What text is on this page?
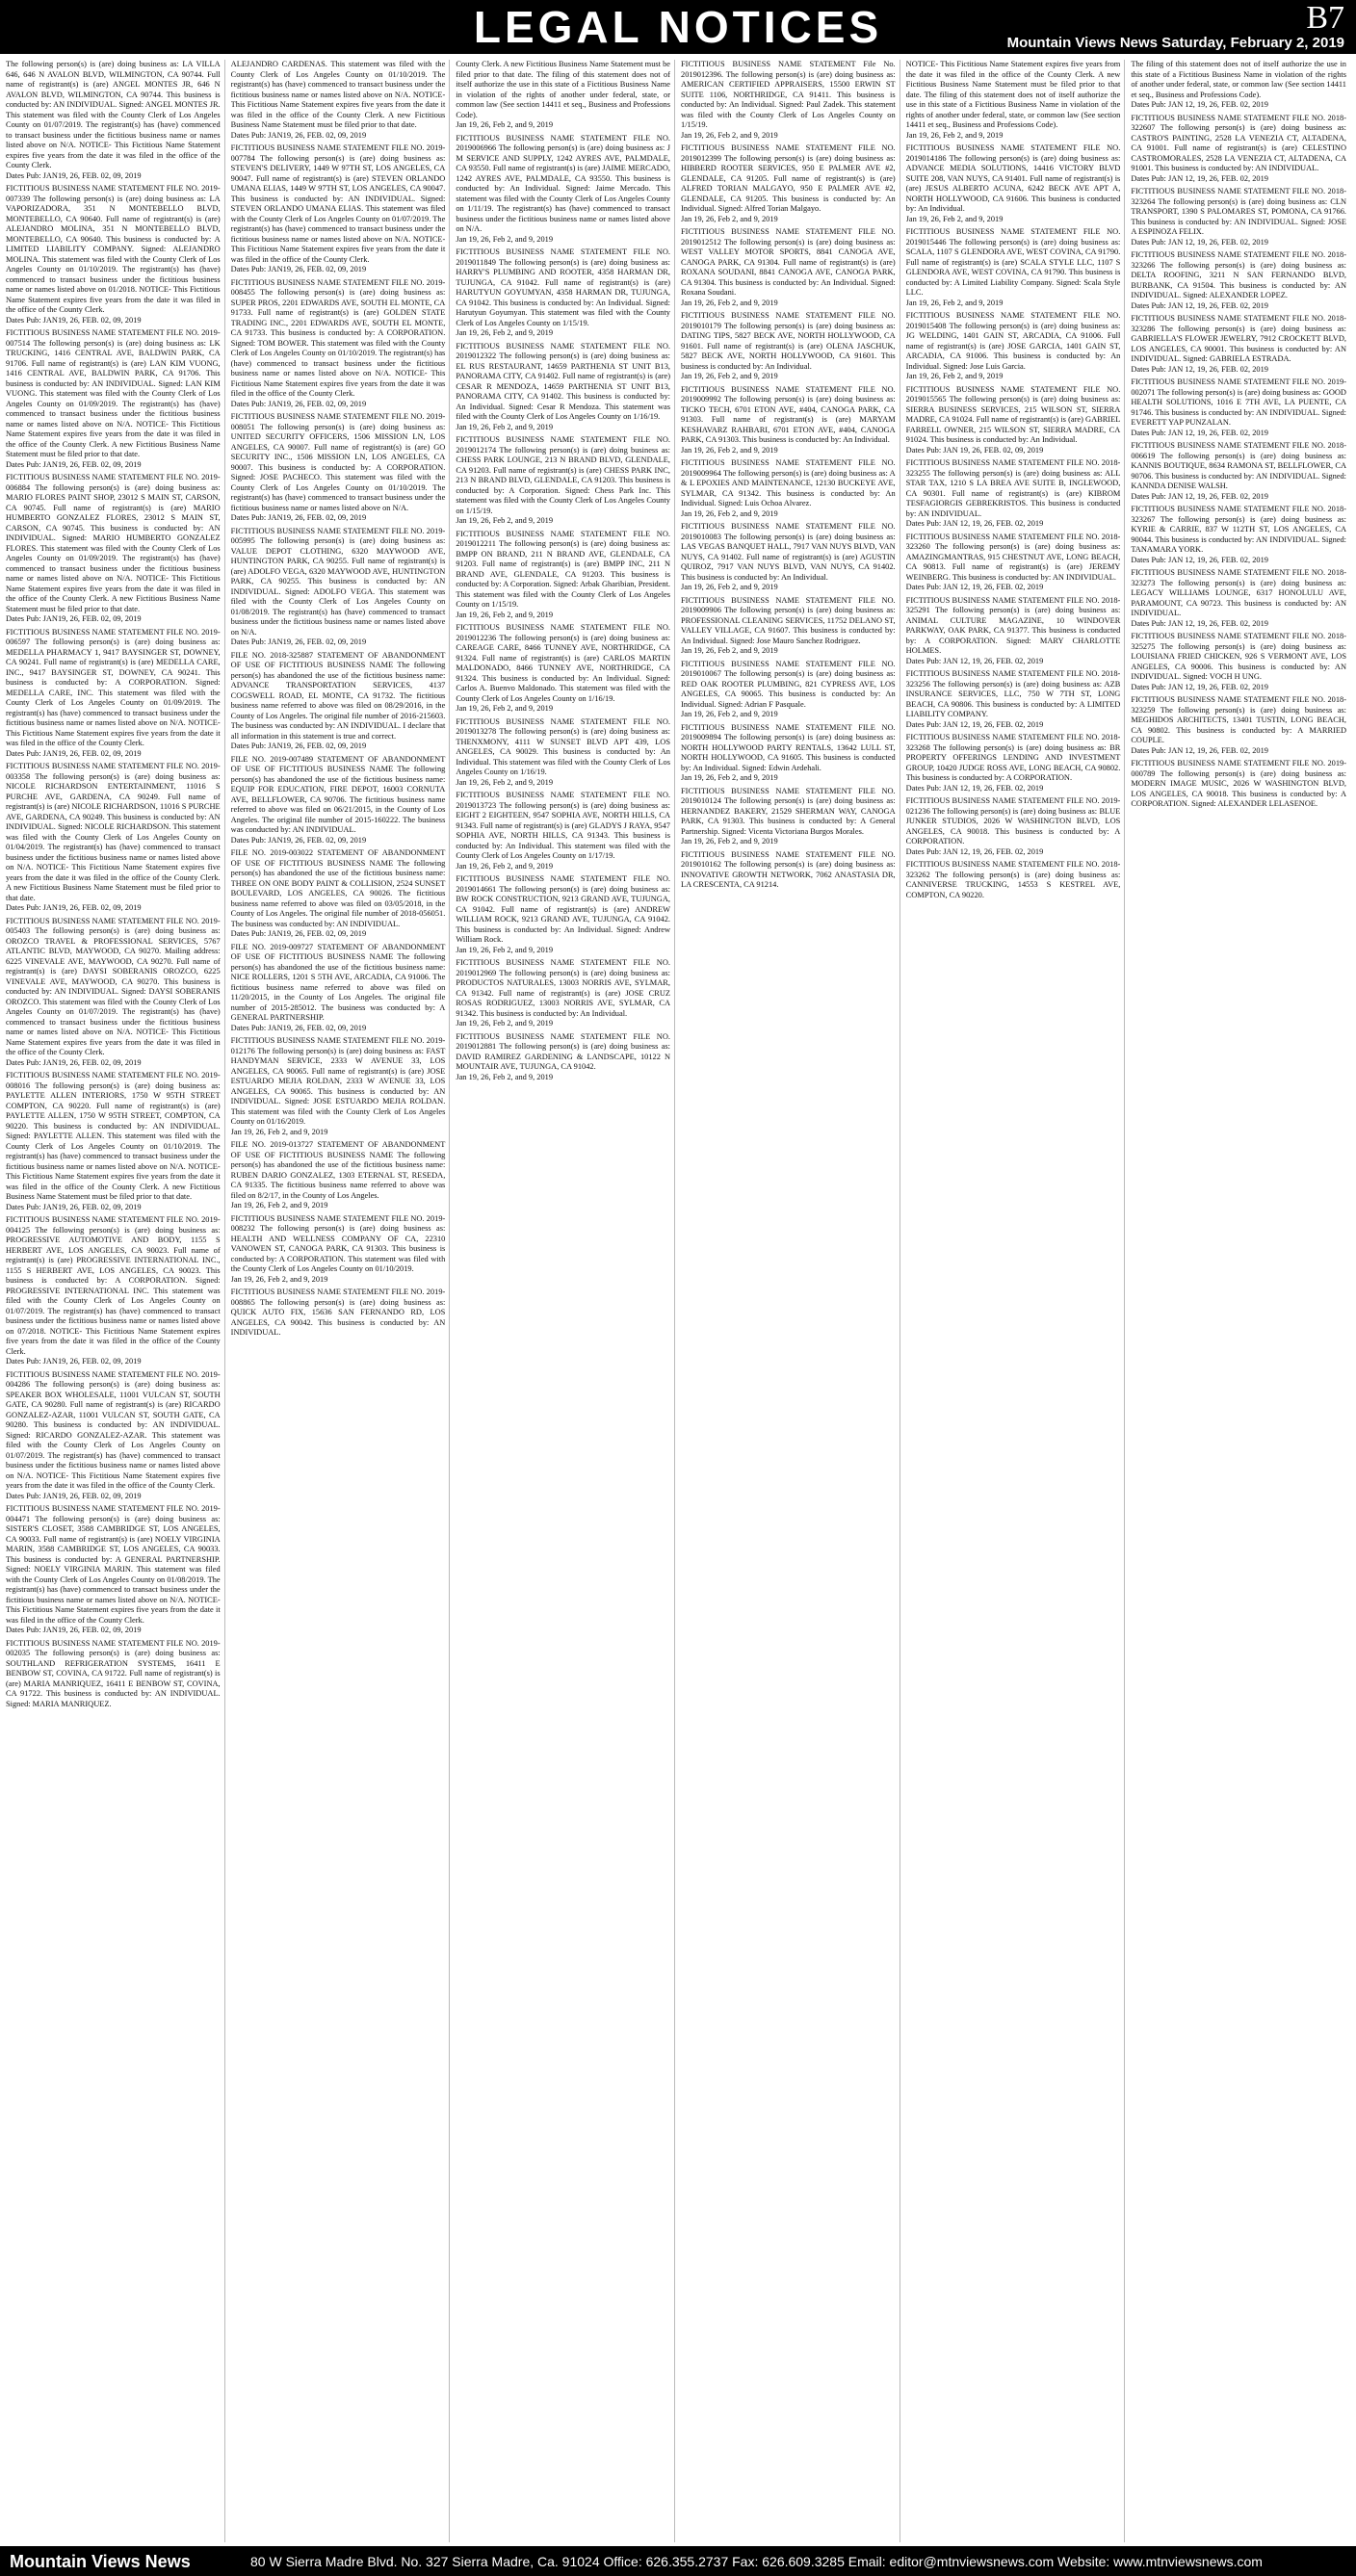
LEGAL NOTICES	B7
Mountain Views News Saturday, February 2, 2019
The following person(s) is (are) doing business as: LA VILLA 646, 646 N AVALON BLVD, WILMINGTON, CA 90744. Full name of registrant(s) is (are) ANGEL MONTES JR, 646 N AVALON BLVD, WILMINGTON, CA 90744. This business is conducted by: AN INDIVIDUAL. Signed: ANGEL MONTES JR. This statement was filed with the County Clerk of Los Angeles County on 01/07/2019. The registrant(s) has (have) commenced to transact business under the fictitious business name or names listed above on N/A. NOTICE- This Fictitious Name Statement expires five years from the date it was filed in the office of the County Clerk.
Dates Pub: JAN19, 26, FEB. 02, 09, 2019
FICTITIOUS BUSINESS NAME STATEMENT FILE NO. 2019-007339 The following person(s) is (are) doing business as: LA VAPORIZADORA, 351 N MONTEBELLO BLVD, MONTEBELLO, CA 90640. Full name of registrant(s) is (are) ALEJANDRO MOLINA, 351 N MONTEBELLO BLVD, MONTEBELLO, CA 90640. This business is conducted by: A LIMITED LIABILITY COMPANY. Signed: ALEJANDRO MOLINA. This statement was filed with the County Clerk of Los Angeles County on 01/10/2019. The registrant(s) has (have) commenced to transact business under the fictitious business name or names listed above on 01/2018. NOTICE- This Fictitious Name Statement expires five years from the date it was filed in the office of the County Clerk.
Dates Pub: JAN19, 26, FEB. 02, 09, 2019
FICTITIOUS BUSINESS NAME STATEMENT FILE NO. 2019-007514 The following person(s) is (are) doing business as: LK TRUCKING, 1416 CENTRAL AVE, BALDWIN PARK, CA 91706. Full name of registrant(s) is (are) LAN KIM VUONG, 1416 CENTRAL AVE, BALDWIN PARK, CA 91706. This business is conducted by: AN INDIVIDUAL. Signed: LAN KIM VUONG. This statement was filed with the County Clerk of Los Angeles County on 01/09/2019. The registrant(s) has (have) commenced to transact business under the fictitious business name or names listed above on N/A. NOTICE- This Fictitious Name Statement expires five years from the date it was filed in the office of the County Clerk. A new Fictitious Business Name Statement must be filed prior to that date.
Dates Pub: JAN19, 26, FEB. 02, 09, 2019
FICTITIOUS BUSINESS NAME STATEMENT FILE NO. 2019-006884 The following person(s) is (are) doing business as: MARIO FLORES PAINT SHOP, 23012 S MAIN ST, CARSON, CA 90745. Full name of registrant(s) is (are) MARIO HUMBERTO GONZALEZ FLORES, 23012 S MAIN ST, CARSON, CA 90745. This business is conducted by: AN INDIVIDUAL. Signed: MARIO HUMBERTO GONZALEZ FLORES. This statement was filed with the County Clerk of Los Angeles County on 01/09/2019. The registrant(s) has (have) commenced to transact business under the fictitious business name or names listed above on N/A. NOTICE- This Fictitious Name Statement expires five years from the date it was filed in the office of the County Clerk. A new Fictitious Business Name Statement must be filed prior to that date.
Dates Pub: JAN19, 26, FEB. 02, 09, 2019
FICTITIOUS BUSINESS NAME STATEMENT FILE NO. 2019-006597 The following person(s) is (are) doing business as: MEDELLA PHARMACY 1, 9417 BAYSINGER ST, DOWNEY, CA 90241. Full name of registrant(s) is (are) MEDELLA CARE, INC., 9417 BAYSINGER ST, DOWNEY, CA 90241. This business is conducted by: A CORPORATION. Signed: MEDELLA CARE, INC. This statement was filed with the County Clerk of Los Angeles County on 01/09/2019. The registrant(s) has (have) commenced to transact business under the fictitious business name or names listed above on N/A. NOTICE- This Fictitious Name Statement expires five years from the date it was filed in the office of the County Clerk.
Dates Pub: JAN19, 26, FEB. 02, 09, 2019
FICTITIOUS BUSINESS NAME STATEMENT FILE NO. 2019-003358 The following person(s) is (are) doing business as: NICOLE RICHARDSON ENTERTAINMENT, 11016 S PURCHE AVE, GARDENA, CA 90249. Full name of registrant(s) is (are) NICOLE RICHARDSON, 11016 S PURCHE AVE, GARDENA, CA 90249. This business is conducted by: AN INDIVIDUAL. Signed: NICOLE RICHARDSON. This statement was filed with the County Clerk of Los Angeles County on 01/04/2019. The registrant(s) has (have) commenced to transact business under the fictitious business name or names listed above on N/A. NOTICE- This Fictitious Name Statement expires five years from the date it was filed in the office of the County Clerk. A new Fictitious Business Name Statement must be filed prior to that date.
Dates Pub: JAN19, 26, FEB. 02, 09, 2019
FICTITIOUS BUSINESS NAME STATEMENT FILE NO. 2019-005403 The following person(s) is (are) doing business as: OROZCO TRAVEL & PROFESSIONAL SERVICES, 5767 ATLANTIC BLVD, MAYWOOD, CA 90270. Mailing address: 6225 VINEVALE AVE, MAYWOOD, CA 90270. Full name of registrant(s) is (are) DAYSI SOBERANIS OROZCO, 6225 VINEVALE AVE, MAYWOOD, CA 90270. This business is conducted by: AN INDIVIDUAL. Signed: DAYSI SOBERANIS OROZCO. This statement was filed with the County Clerk of Los Angeles County on 01/07/2019. The registrant(s) has (have) commenced to transact business under the fictitious business name or names listed above on N/A. NOTICE- This Fictitious Name Statement expires five years from the date it was filed in the office of the County Clerk.
Dates Pub: JAN19, 26, FEB. 02, 09, 2019
FICTITIOUS BUSINESS NAME STATEMENT FILE NO. 2019-008016 The following person(s) is (are) doing business as: PAYLETTE ALLEN INTERIORS, 1750 W 95TH STREET COMPTON, CA 90220. Full name of registrant(s) is (are) PAYLETTE ALLEN, 1750 W 95TH STREET, COMPTON, CA 90220. This business is conducted by: AN INDIVIDUAL. Signed: PAYLETTE ALLEN. This statement was filed with the County Clerk of Los Angeles County on 01/10/2019. The registrant(s) has (have) commenced to transact business under the fictitious business name or names listed above on N/A. NOTICE- This Fictitious Name Statement expires five years from the date it was filed in the office of the County Clerk. A new Fictitious Business Name Statement must be filed prior to that date.
Dates Pub: JAN19, 26, FEB. 02, 09, 2019
FICTITIOUS BUSINESS NAME STATEMENT FILE NO. 2019-004125 The following person(s) is (are) doing business as: PROGRESSIVE AUTOMOTIVE AND BODY, 1155 S HERBERT AVE, LOS ANGELES, CA 90023. Full name of registrant(s) is (are) PROGRESSIVE INTERNATIONAL INC., 1155 S HERBERT AVE, LOS ANGELES, CA 90023. This business is conducted by: A CORPORATION. Signed: PROGRESSIVE INTERNATIONAL INC. This statement was filed with the County Clerk of Los Angeles County on 01/07/2019. The registrant(s) has (have) commenced to transact business under the fictitious business name or names listed above on 07/2018. NOTICE- This Fictitious Name Statement expires five years from the date it was filed in the office of the County Clerk.
Dates Pub: JAN19, 26, FEB. 02, 09, 2019
FICTITIOUS BUSINESS NAME STATEMENT FILE NO. 2019-004286 The following person(s) is (are) doing business as: SPEAKER BOX WHOLESALE, 11001 VULCAN ST, SOUTH GATE, CA 90280. Full name of registrant(s) is (are) RICARDO GONZALEZ-AZAR, 11001 VULCAN ST, SOUTH GATE, CA 90280. This business is conducted by: AN INDIVIDUAL. Signed: RICARDO GONZALEZ-AZAR. This statement was filed with the County Clerk of Los Angeles County on 01/07/2019. The registrant(s) has (have) commenced to transact business under the fictitious business name or names listed above on N/A. NOTICE- This Fictitious Name Statement expires five years from the date it was filed in the office of the County Clerk.
Dates Pub: JAN19, 26, FEB. 02, 09, 2019
FICTITIOUS BUSINESS NAME STATEMENT FILE NO. 2019-004471 The following person(s) is (are) doing business as: SISTER'S CLOSET, 3588 CAMBRIDGE ST, LOS ANGELES, CA 90033. Full name of registrant(s) is (are) NOELY VIRGINIA MARIN, 3588 CAMBRIDGE ST, LOS ANGELES, CA 90033. This business is conducted by: A GENERAL PARTNERSHIP. Signed: NOELY VIRGINIA MARIN. This statement was filed with the County Clerk of Los Angeles County on 01/08/2019. The registrant(s) has (have) commenced to transact business under the fictitious business name or names listed above on N/A. NOTICE- This Fictitious Name Statement expires five years from the date it was filed in the office of the County Clerk.
Dates Pub: JAN19, 26, FEB. 02, 09, 2019
FICTITIOUS BUSINESS NAME STATEMENT FILE NO. 2019-002035 The following person(s) is (are) doing business as: SOUTHLAND REFRIGERATION SYSTEMS, 16411 E BENBOW ST, COVINA, CA 91722. Full name of registrant(s) is (are) MARIA MANRIQUEZ, 16411 E BENBOW ST, COVINA, CA 91722. This business is conducted by: AN INDIVIDUAL. Signed: MARIA MANRIQUEZ.
ALEJANDRO CARDENAS. This statement was filed with the County Clerk of Los Angeles County on 01/10/2019. The registrant(s) has (have) commenced to transact business under the fictitious business name or names listed above on N/A. NOTICE- This Fictitious Name Statement expires five years from the date it was filed in the office of the County Clerk. A new Fictitious Business Name Statement must be filed prior to that date.
Dates Pub: JAN19, 26, FEB. 02, 09, 2019
FICTITIOUS BUSINESS NAME STATEMENT FILE NO. 2019-007784 The following person(s) is (are) doing business as: STEVEN'S DELIVERY, 1449 W 97TH ST, LOS ANGELES, CA 90047. Full name of registrant(s) is (are) STEVEN ORLANDO UMANA ELIAS, 1449 W 97TH ST, LOS ANGELES, CA 90047. This business is conducted by: AN INDIVIDUAL. Signed: STEVEN ORLANDO UMANA ELIAS. This statement was filed with the County Clerk of Los Angeles County on 01/07/2019. The registrant(s) has (have) commenced to transact business under the fictitious business name or names listed above on N/A. NOTICE- This Fictitious Name Statement expires five years from the date it was filed in the office of the County Clerk.
Dates Pub: JAN19, 26, FEB. 02, 09, 2019
FICTITIOUS BUSINESS NAME STATEMENT FILE NO. 2019-008455 The following person(s) is (are) doing business as: SUPER PROS, 2201 EDWARDS AVE, SOUTH EL MONTE, CA 91733. Full name of registrant(s) is (are) GOLDEN STATE TRADING INC., 2201 EDWARDS AVE, SOUTH EL MONTE, CA 91733. This business is conducted by: A CORPORATION. Signed: TOM BOWER. This statement was filed with the County Clerk of Los Angeles County on 01/10/2019. The registrant(s) has (have) commenced to transact business under the fictitious business name or names listed above on N/A. NOTICE- This Fictitious Name Statement expires five years from the date it was filed in the office of the County Clerk.
Dates Pub: JAN19, 26, FEB. 02, 09, 2019
FICTITIOUS BUSINESS NAME STATEMENT FILE NO. 2019-008051 The following person(s) is (are) doing business as: UNITED SECURITY OFFICERS, 1506 MISSION LN, LOS ANGELES, CA 90007. Full name of registrant(s) is (are) GO SECURITY INC., 1506 MISSION LN, LOS ANGELES, CA 90007. This business is conducted by: A CORPORATION. Signed: JOSE PACHECO. This statement was filed with the County Clerk of Los Angeles County on 01/10/2019. The registrant(s) has (have) commenced to transact business under the fictitious business name or names listed above on N/A.
Dates Pub: JAN19, 26, FEB. 02, 09, 2019
FICTITIOUS BUSINESS NAME STATEMENT FILE NO. 2019-005995 The following person(s) is (are) doing business as: VALUE DEPOT CLOTHING, 6320 MAYWOOD AVE, HUNTINGTON PARK, CA 90255. Full name of registrant(s) is (are) ADOLFO VEGA, 6320 MAYWOOD AVE, HUNTINGTON PARK, CA 90255. This business is conducted by: AN INDIVIDUAL. Signed: ADOLFO VEGA. This statement was filed with the County Clerk of Los Angeles County on 01/08/2019. The registrant(s) has (have) commenced to transact business under the fictitious business name or names listed above on N/A.
Dates Pub: JAN19, 26, FEB. 02, 09, 2019
FILE NO. 2018-325887 STATEMENT OF ABANDONMENT OF USE OF FICTITIOUS BUSINESS NAME The following person(s) has abandoned the use of the fictitious business name: ADVANCE TRANSPORTATION SERVICES, 4137 COGSWELL ROAD, EL MONTE, CA 91732. The fictitious business name referred to above was filed on 08/29/2016, in the County of Los Angeles. The original file number of 2016-215603. The business was conducted by: AN INDIVIDUAL. I declare that all information in this statement is true and correct.
Dates Pub: JAN19, 26, FEB. 02, 09, 2019
FILE NO. 2019-007489 STATEMENT OF ABANDONMENT OF USE OF FICTITIOUS BUSINESS NAME The following person(s) has abandoned the use of the fictitious business name: EQUIP FOR EDUCATION, FIRE DEPOT, 16003 CORNUTA AVE, BELLFLOWER, CA 90706. The fictitious business name referred to above was filed on 06/21/2015, in the County of Los Angeles. The original file number of 2015-160222. The business was conducted by: AN INDIVIDUAL.
Dates Pub: JAN19, 26, FEB. 02, 09, 2019
FILE NO. 2019-003022 STATEMENT OF ABANDONMENT OF USE OF FICTITIOUS BUSINESS NAME The following person(s) has abandoned the use of the fictitious business name: THREE ON ONE BODY PAINT & COLLISION, 2524 SUNSET BOULEVARD, LOS ANGELES, CA 90026. The fictitious business name referred to above was filed on 03/05/2018, in the County of Los Angeles. The original file number of 2018-056051. The business was conducted by: AN INDIVIDUAL.
Dates Pub: JAN19, 26, FEB. 02, 09, 2019
FILE NO. 2019-009727 STATEMENT OF ABANDONMENT OF USE OF FICTITIOUS BUSINESS NAME The following person(s) has abandoned the use of the fictitious business name: NICE ROLLERS, 1201 S 5TH AVE, ARCADIA, CA 91006. The fictitious business name referred to above was filed on 11/20/2015, in the County of Los Angeles. The original file number of 2015-285012. The business was conducted by: A GENERAL PARTNERSHIP.
Dates Pub: JAN19, 26, FEB. 02, 09, 2019
FICTITIOUS BUSINESS NAME STATEMENT FILE NO. 2019-012176 The following person(s) is (are) doing business as: FAST HANDYMAN SERVICE, 2333 W AVENUE 33, LOS ANGELES, CA 90065. Full name of registrant(s) is (are) JOSE ESTUARDO MEJIA ROLDAN, 2333 W AVENUE 33, LOS ANGELES, CA 90065. This business is conducted by: AN INDIVIDUAL. Signed: JOSE ESTUARDO MEJIA ROLDAN. This statement was filed with the County Clerk of Los Angeles County on 01/16/2019.
Jan 19, 26, Feb 2, and 9, 2019
FILE NO. 2019-013727 STATEMENT OF ABANDONMENT OF USE OF FICTITIOUS BUSINESS NAME The following person(s) has abandoned the use of the fictitious business name: RUBEN DARIO GONZALEZ, 1303 ETERNAL ST, RESEDA, CA 91335. The fictitious business name referred to above was filed on 8/2/17, in the County of Los Angeles.
Jan 19, 26, Feb 2, and 9, 2019
FICTITIOUS BUSINESS NAME STATEMENT FILE NO. 2019-008232 The following person(s) is (are) doing business as: HEALTH AND WELLNESS COMPANY OF CA, 22310 VANOWEN ST, CANOGA PARK, CA 91303. This business is conducted by: A CORPORATION. This statement was filed with the County Clerk of Los Angeles County on 01/10/2019.
Jan 19, 26, Feb 2, and 9, 2019
FICTITIOUS BUSINESS NAME STATEMENT FILE NO. 2019-008865 The following person(s) is (are) doing business as: QUICK AUTO FIX, 15636 SAN FERNANDO RD, LOS ANGELES, CA 90042. This business is conducted by: AN INDIVIDUAL.
County Clerk. A new Fictitious Business Name Statement must be filed prior to that date. The filing of this statement does not of itself authorize the use in this state of a Fictitious Business Name in violation of the rights of another under federal, state, or common law (See section 14411 et seq., Business and Professions Code).
Jan 19, 26, Feb 2, and 9, 2019
FICTITIOUS BUSINESS NAME STATEMENT FILE NO. 2019006966 The following person(s) is (are) doing business as: J M SERVICE AND SUPPLY, 1242 AYRES AVE, PALMDALE, CA 93550. Full name of registrant(s) is (are) JAIME MERCADO, 1242 AYRES AVE, PALMDALE, CA 93550. This business is conducted by: An Individual. Signed: Jaime Mercado. This statement was filed with the County Clerk of Los Angeles County on 1/11/19. The registrant(s) has (have) commenced to transact business under the fictitious business name or names listed above on N/A.
Jan 19, 26, Feb 2, and 9, 2019
FICTITIOUS BUSINESS NAME STATEMENT FILE NO. 2019011849 The following person(s) is (are) doing business as: HARRY'S PLUMBING AND ROOTER, 4358 HARMAN DR, TUJUNGA, CA 91042. Full name of registrant(s) is (are) HARUTYUN GOYUMYAN, 4358 HARMAN DR, TUJUNGA, CA 91042. This business is conducted by: An Individual. Signed: Harutyun Goyumyan. This statement was filed with the County Clerk of Los Angeles County on 1/15/19.
Jan 19, 26, Feb 2, and 9, 2019
FICTITIOUS BUSINESS NAME STATEMENT FILE NO. 2019012322 The following person(s) is (are) doing business as: EL RUS RESTAURANT, 14659 PARTHENIA ST UNIT B13, PANORAMA CITY, CA 91402. Full name of registrant(s) is (are) CESAR R MENDOZA, 14659 PARTHENIA ST UNIT B13, PANORAMA CITY, CA 91402. This business is conducted by: An Individual. Signed: Cesar R Mendoza. This statement was filed with the County Clerk of Los Angeles County on 1/16/19.
Jan 19, 26, Feb 2, and 9, 2019
FICTITIOUS BUSINESS NAME STATEMENT FILE NO. 2019012174 The following person(s) is (are) doing business as: CHESS PARK LOUNGE, 213 N BRAND BLVD, GLENDALE, CA 91203. Full name of registrant(s) is (are) CHESS PARK INC, 213 N BRAND BLVD, GLENDALE, CA 91203. This business is conducted by: A Corporation. Signed: Chess Park Inc. This statement was filed with the County Clerk of Los Angeles County on 1/15/19.
Jan 19, 26, Feb 2, and 9, 2019
FICTITIOUS BUSINESS NAME STATEMENT FILE NO. 2019012211 The following person(s) is (are) doing business as: BMPP ON BRAND, 211 N BRAND AVE, GLENDALE, CA 91203. Full name of registrant(s) is (are) BMPP INC, 211 N BRAND AVE, GLENDALE, CA 91203. This business is conducted by: A Corporation. Signed: Arbak Gharibian, President. This statement was filed with the County Clerk of Los Angeles County on 1/15/19.
Jan 19, 26, Feb 2, and 9, 2019
FICTITIOUS BUSINESS NAME STATEMENT FILE NO. 2019012236 The following person(s) is (are) doing business as: CAREAGE CARE, 8466 TUNNEY AVE, NORTHRIDGE, CA 91324. Full name of registrant(s) is (are) CARLOS MARTIN MALDONADO, 8466 TUNNEY AVE, NORTHRIDGE, CA 91324. This business is conducted by: An Individual. Signed: Carlos A. Buenvo Maldonado. This statement was filed with the County Clerk of Los Angeles County on 1/16/19.
Jan 19, 26, Feb 2, and 9, 2019
FICTITIOUS BUSINESS NAME STATEMENT FILE NO. 2019013278 The following person(s) is (are) doing business as: THENXMONY, 4111 W SUNSET BLVD APT 439, LOS ANGELES, CA 90029. This business is conducted by: An Individual. This statement was filed with the County Clerk of Los Angeles County on 1/16/19.
Jan 19, 26, Feb 2, and 9, 2019
FICTITIOUS BUSINESS NAME STATEMENT FILE NO. 2019013723 The following person(s) is (are) doing business as: EIGHT 2 EIGHTEEN, 9547 SOPHIA AVE, NORTH HILLS, CA 91343. Full name of registrant(s) is (are) GLADYS J RAYA, 9547 SOPHIA AVE, NORTH HILLS, CA 91343. This business is conducted by: An Individual. This statement was filed with the County Clerk of Los Angeles County on 1/17/19.
Jan 19, 26, Feb 2, and 9, 2019
FICTITIOUS BUSINESS NAME STATEMENT FILE NO. 2019014661 The following person(s) is (are) doing business as: BW ROCK CONSTRUCTION, 9213 GRAND AVE, TUJUNGA, CA 91042. Full name of registrant(s) is (are) ANDREW WILLIAM ROCK, 9213 GRAND AVE, TUJUNGA, CA 91042. This business is conducted by: An Individual. Signed: Andrew William Rock.
Jan 19, 26, Feb 2, and 9, 2019
FICTITIOUS BUSINESS NAME STATEMENT FILE NO. 2019012969 The following person(s) is (are) doing business as: PRODUCTOS NATURALES, 13003 NORRIS AVE, SYLMAR, CA 91342. Full name of registrant(s) is (are) JOSE CRUZ ROSAS RODRIGUEZ, 13003 NORRIS AVE, SYLMAR, CA 91342. This business is conducted by: An Individual.
Jan 19, 26, Feb 2, and 9, 2019
FICTITIOUS BUSINESS NAME STATEMENT FILE NO. 2019012881 The following person(s) is (are) doing business as: DAVID RAMIREZ GARDENING & LANDSCAPE, 10122 N MOUNTAIR AVE, TUJUNGA, CA 91042.
Jan 19, 26, Feb 2, and 9, 2019
FICTITIOUS BUSINESS NAME STATEMENT File No. 2019012396. The following person(s) is (are) doing business as: AMERICAN CERTIFIED APPRAISERS, 15500 ERWIN ST SUITE 1106, NORTHRIDGE, CA 91411. This business is conducted by: An Individual. Signed: Paul Zadek. This statement was filed with the County Clerk of Los Angeles County on 1/15/19.
Jan 19, 26, Feb 2, and 9, 2019
FICTITIOUS BUSINESS NAME STATEMENT FILE NO. 2019012399 The following person(s) is (are) doing business as: HIBBERD ROOTER SERVICES, 950 E PALMER AVE #2, GLENDALE, CA 91205. Full name of registrant(s) is (are) ALFRED TORIAN MALGAYO, 950 E PALMER AVE #2, GLENDALE, CA 91205. This business is conducted by: An Individual. Signed: Alfred Torian Malgayo.
Jan 19, 26, Feb 2, and 9, 2019
FICTITIOUS BUSINESS NAME STATEMENT FILE NO. 2019012512 The following person(s) is (are) doing business as: WEST VALLEY MOTOR SPORTS, 8841 CANOGA AVE, CANOGA PARK, CA 91304. Full name of registrant(s) is (are) ROXANA SOUDANI, 8841 CANOGA AVE, CANOGA PARK, CA 91304. This business is conducted by: An Individual. Signed: Roxana Soudani.
Jan 19, 26, Feb 2, and 9, 2019
FICTITIOUS BUSINESS NAME STATEMENT FILE NO. 2019010179 The following person(s) is (are) doing business as: DATING TIPS, 5827 BECK AVE, NORTH HOLLYWOOD, CA 91601. Full name of registrant(s) is (are) OLENA JASCHUK, 5827 BECK AVE, NORTH HOLLYWOOD, CA 91601. This business is conducted by: An Individual.
Jan 19, 26, Feb 2, and 9, 2019
FICTITIOUS BUSINESS NAME STATEMENT FILE NO. 2019009992 The following person(s) is (are) doing business as: TICKO TECH, 6701 ETON AVE, #404, CANOGA PARK, CA 91303. Full name of registrant(s) is (are) MARYAM KESHAVARZ RAHBARI, 6701 ETON AVE, #404, CANOGA PARK, CA 91303. This business is conducted by: An Individual.
Jan 19, 26, Feb 2, and 9, 2019
FICTITIOUS BUSINESS NAME STATEMENT FILE NO. 2019009964 The following person(s) is (are) doing business as: A & L EPOXIES AND MAINTENANCE, 12130 BUCKEYE AVE, SYLMAR, CA 91342. This business is conducted by: An Individual. Signed: Luis Ochoa Alvarez.
Jan 19, 26, Feb 2, and 9, 2019
FICTITIOUS BUSINESS NAME STATEMENT FILE NO. 2019010083 The following person(s) is (are) doing business as: LAS VEGAS BANQUET HALL, 7917 VAN NUYS BLVD, VAN NUYS, CA 91402. Full name of registrant(s) is (are) AGUSTIN QUIROZ, 7917 VAN NUYS BLVD, VAN NUYS, CA 91402. This business is conducted by: An Individual.
Jan 19, 26, Feb 2, and 9, 2019
FICTITIOUS BUSINESS NAME STATEMENT FILE NO. 2019009906 The following person(s) is (are) doing business as: PROFESSIONAL CLEANING SERVICES, 11752 DELANO ST, VALLEY VILLAGE, CA 91607. This business is conducted by: An Individual. Signed: Jose Mauro Sanchez Rodriguez.
Jan 19, 26, Feb 2, and 9, 2019
FICTITIOUS BUSINESS NAME STATEMENT FILE NO. 2019010067 The following person(s) is (are) doing business as: RED OAK ROOTER PLUMBING, 821 CYPRESS AVE, LOS ANGELES, CA 90065. This business is conducted by: An Individual. Signed: Adrian F Pasquale.
Jan 19, 26, Feb 2, and 9, 2019
FICTITIOUS BUSINESS NAME STATEMENT FILE NO. 2019009894 The following person(s) is (are) doing business as: NORTH HOLLYWOOD PARTY RENTALS, 13642 LULL ST, NORTH HOLLYWOOD, CA 91605. This business is conducted by: An Individual. Signed: Edwin Ardehali.
Jan 19, 26, Feb 2, and 9, 2019
FICTITIOUS BUSINESS NAME STATEMENT FILE NO. 2019010124 The following person(s) is (are) doing business as: HERNANDEZ BAKERY, 21529 SHERMAN WAY, CANOGA PARK, CA 91303. This business is conducted by: A General Partnership. Signed: Vicenta Victoriana Burgos Morales.
Jan 19, 26, Feb 2, and 9, 2019
FICTITIOUS BUSINESS NAME STATEMENT FILE NO. 2019010162 The following person(s) is (are) doing business as: INNOVATIVE GROWTH NETWORK, 7062 ANASTASIA DR, LA CRESCENTA, CA 91214.
NOTICE- This Fictitious Name Statement expires five years from the date it was filed in the office of the County Clerk. A new Fictitious Business Name Statement must be filed prior to that date. The filing of this statement does not of itself authorize the use in this state of a Fictitious Business Name in violation of the rights of another under federal, state, or common law (See section 14411 et seq., Business and Professions Code).
Jan 19, 26, Feb 2, and 9, 2019
FICTITIOUS BUSINESS NAME STATEMENT FILE NO. 2019014186 The following person(s) is (are) doing business as: ADVANCE MEDIA SOLUTIONS, 14416 VICTORY BLVD SUITE 208, VAN NUYS, CA 91401. Full name of registrant(s) is (are) JESUS ALBERTO ACUNA, 6242 BECK AVE APT A, NORTH HOLLYWOOD, CA 91606. This business is conducted by: An Individual.
Jan 19, 26, Feb 2, and 9, 2019
FICTITIOUS BUSINESS NAME STATEMENT FILE NO. 2019015446 The following person(s) is (are) doing business as: SCALA, 1107 S GLENDORA AVE, WEST COVINA, CA 91790. Full name of registrant(s) is (are) SCALA STYLE LLC, 1107 S GLENDORA AVE, WEST COVINA, CA 91790. This business is conducted by: A Limited Liability Company. Signed: Scala Style LLC.
Jan 19, 26, Feb 2, and 9, 2019
FICTITIOUS BUSINESS NAME STATEMENT FILE NO. 2019015408 The following person(s) is (are) doing business as: JG WELDING, 1401 GAIN ST, ARCADIA, CA 91006. Full name of registrant(s) is (are) JOSE GARCIA, 1401 GAIN ST, ARCADIA, CA 91006. This business is conducted by: An Individual. Signed: Jose Luis Garcia.
Jan 19, 26, Feb 2, and 9, 2019
FICTITIOUS BUSINESS NAME STATEMENT FILE NO. 2019015565 The following person(s) is (are) doing business as: SIERRA BUSINESS SERVICES, 215 WILSON ST, SIERRA MADRE, CA 91024. Full name of registrant(s) is (are) GABRIEL FARRELL OWNER, 215 WILSON ST, SIERRA MADRE, CA 91024. This business is conducted by: An Individual.
Dates Pub: JAN 19, 26, FEB. 02, 09, 2019
FICTITIOUS BUSINESS NAME STATEMENT FILE NO. 2018-323255 The following person(s) is (are) doing business as: ALL STAR TAX, 1210 S LA BREA AVE SUITE B, INGLEWOOD, CA 90301. Full name of registrant(s) is (are) KIBROM TESFAGIORGIS GEBREKRISTOS. This business is conducted by: AN INDIVIDUAL.
Dates Pub: JAN 12, 19, 26, FEB. 02, 2019
FICTITIOUS BUSINESS NAME STATEMENT FILE NO. 2018-323260 The following person(s) is (are) doing business as: AMAZINGMANTRAS, 915 CHESTNUT AVE, LONG BEACH, CA 90813. Full name of registrant(s) is (are) JEREMY WEINBERG. This business is conducted by: AN INDIVIDUAL.
Dates Pub: JAN 12, 19, 26, FEB. 02, 2019
FICTITIOUS BUSINESS NAME STATEMENT FILE NO. 2018-325291 The following person(s) is (are) doing business as: ANIMAL CULTURE MAGAZINE, 10 WINDOVER PARKWAY, OAK PARK, CA 91377. This business is conducted by: A CORPORATION. Signed: MARY CHARLOTTE HOLMES.
Dates Pub: JAN 12, 19, 26, FEB. 02, 2019
FICTITIOUS BUSINESS NAME STATEMENT FILE NO. 2018-323256 The following person(s) is (are) doing business as: AZB INSURANCE SERVICES, LLC, 750 W 7TH ST, LONG BEACH, CA 90806. This business is conducted by: A LIMITED LIABILITY COMPANY.
Dates Pub: JAN 12, 19, 26, FEB. 02, 2019
FICTITIOUS BUSINESS NAME STATEMENT FILE NO. 2018-323268 The following person(s) is (are) doing business as: BR PROPERTY OFFERINGS LENDING AND INVESTMENT GROUP, 10420 JUDGE ROSS AVE, LONG BEACH, CA 90802. This business is conducted by: A CORPORATION.
Dates Pub: JAN 12, 19, 26, FEB. 02, 2019
FICTITIOUS BUSINESS NAME STATEMENT FILE NO. 2019-021236 The following person(s) is (are) doing business as: BLUE JUNKER STUDIOS, 2026 W WASHINGTON BLVD, LOS ANGELES, CA 90018. This business is conducted by: A CORPORATION.
Dates Pub: JAN 12, 19, 26, FEB. 02, 2019
FICTITIOUS BUSINESS NAME STATEMENT FILE NO. 2018-323262 The following person(s) is (are) doing business as: CANNIVERSE TRUCKING, 14553 S KESTREL AVE, COMPTON, CA 90220.
The filing of this statement does not of itself authorize the use in this state of a Fictitious Business Name in violation of the rights of another under federal, state, or common law (See section 14411 et seq., Business and Professions Code).
Dates Pub: JAN 12, 19, 26, FEB. 02, 2019
FICTITIOUS BUSINESS NAME STATEMENT FILE NO. 2018-322607 The following person(s) is (are) doing business as: CASTRO'S PAINTING, 2528 LA VENEZIA CT, ALTADENA, CA 91001. Full name of registrant(s) is (are) CELESTINO CASTROMORALES, 2528 LA VENEZIA CT, ALTADENA, CA 91001. This business is conducted by: AN INDIVIDUAL.
Dates Pub: JAN 12, 19, 26, FEB. 02, 2019
FICTITIOUS BUSINESS NAME STATEMENT FILE NO. 2018-323264 The following person(s) is (are) doing business as: CLN TRANSPORT, 1390 S PALOMARES ST, POMONA, CA 91766. This business is conducted by: AN INDIVIDUAL. Signed: JOSE A ESPINOZA FELIX.
Dates Pub: JAN 12, 19, 26, FEB. 02, 2019
FICTITIOUS BUSINESS NAME STATEMENT FILE NO. 2018-323266 The following person(s) is (are) doing business as: DELTA ROOFING, 3211 N SAN FERNANDO BLVD, BURBANK, CA 91504. This business is conducted by: AN INDIVIDUAL. Signed: ALEXANDER LOPEZ.
Dates Pub: JAN 12, 19, 26, FEB. 02, 2019
FICTITIOUS BUSINESS NAME STATEMENT FILE NO. 2018-323286 The following person(s) is (are) doing business as: GABRIELLA'S FLOWER JEWELRY, 7912 CROCKETT BLVD, LOS ANGELES, CA 90001. This business is conducted by: AN INDIVIDUAL. Signed: GABRIELA ESTRADA.
Dates Pub: JAN 12, 19, 26, FEB. 02, 2019
FICTITIOUS BUSINESS NAME STATEMENT FILE NO. 2019-002071 The following person(s) is (are) doing business as: GOOD HEALTH SOLUTIONS, 1016 E 7TH AVE, LA PUENTE, CA 91746. This business is conducted by: AN INDIVIDUAL. Signed: EVERETT YAP PUNZALAN.
Dates Pub: JAN 12, 19, 26, FEB. 02, 2019
FICTITIOUS BUSINESS NAME STATEMENT FILE NO. 2018-006619 The following person(s) is (are) doing business as: KANNIS BOUTIQUE, 8634 RAMONA ST, BELLFLOWER, CA 90706. This business is conducted by: AN INDIVIDUAL. Signed: KANNDA DENISE WALSH.
Dates Pub: JAN 12, 19, 26, FEB. 02, 2019
FICTITIOUS BUSINESS NAME STATEMENT FILE NO. 2018-323267 The following person(s) is (are) doing business as: KYRIE & CARRIE, 837 W 112TH ST, LOS ANGELES, CA 90044. This business is conducted by: AN INDIVIDUAL. Signed: TANAMARA YORK.
Dates Pub: JAN 12, 19, 26, FEB. 02, 2019
FICTITIOUS BUSINESS NAME STATEMENT FILE NO. 2018-323273 The following person(s) is (are) doing business as: LEGACY WILLIAMS LOUNGE, 6317 HONOLULU AVE, PARAMOUNT, CA 90723. This business is conducted by: AN INDIVIDUAL.
Dates Pub: JAN 12, 19, 26, FEB. 02, 2019
FICTITIOUS BUSINESS NAME STATEMENT FILE NO. 2018-325275 The following person(s) is (are) doing business as: LOUISIANA FRIED CHICKEN, 926 S VERMONT AVE, LOS ANGELES, CA 90006. This business is conducted by: AN INDIVIDUAL. Signed: VOCH H UNG.
Dates Pub: JAN 12, 19, 26, FEB. 02, 2019
FICTITIOUS BUSINESS NAME STATEMENT FILE NO. 2018-323259 The following person(s) is (are) doing business as: MEGHIDOS ARCHITECTS, 13401 TUSTIN, LONG BEACH, CA 90802. This business is conducted by: A MARRIED COUPLE.
Dates Pub: JAN 12, 19, 26, FEB. 02, 2019
FICTITIOUS BUSINESS NAME STATEMENT FILE NO. 2019-000789 The following person(s) is (are) doing business as: MODERN IMAGE MUSIC, 2026 W WASHINGTON BLVD, LOS ANGELES, CA 90018. This business is conducted by: A CORPORATION. Signed: ALEXANDER LELASENOE.
Mountain Views News	80 W Sierra Madre Blvd. No. 327 Sierra Madre, Ca. 91024 Office: 626.355.2737 Fax: 626.609.3285 Email: editor@mtnviewsnews.com Website: www.mtnviewsnews.com
